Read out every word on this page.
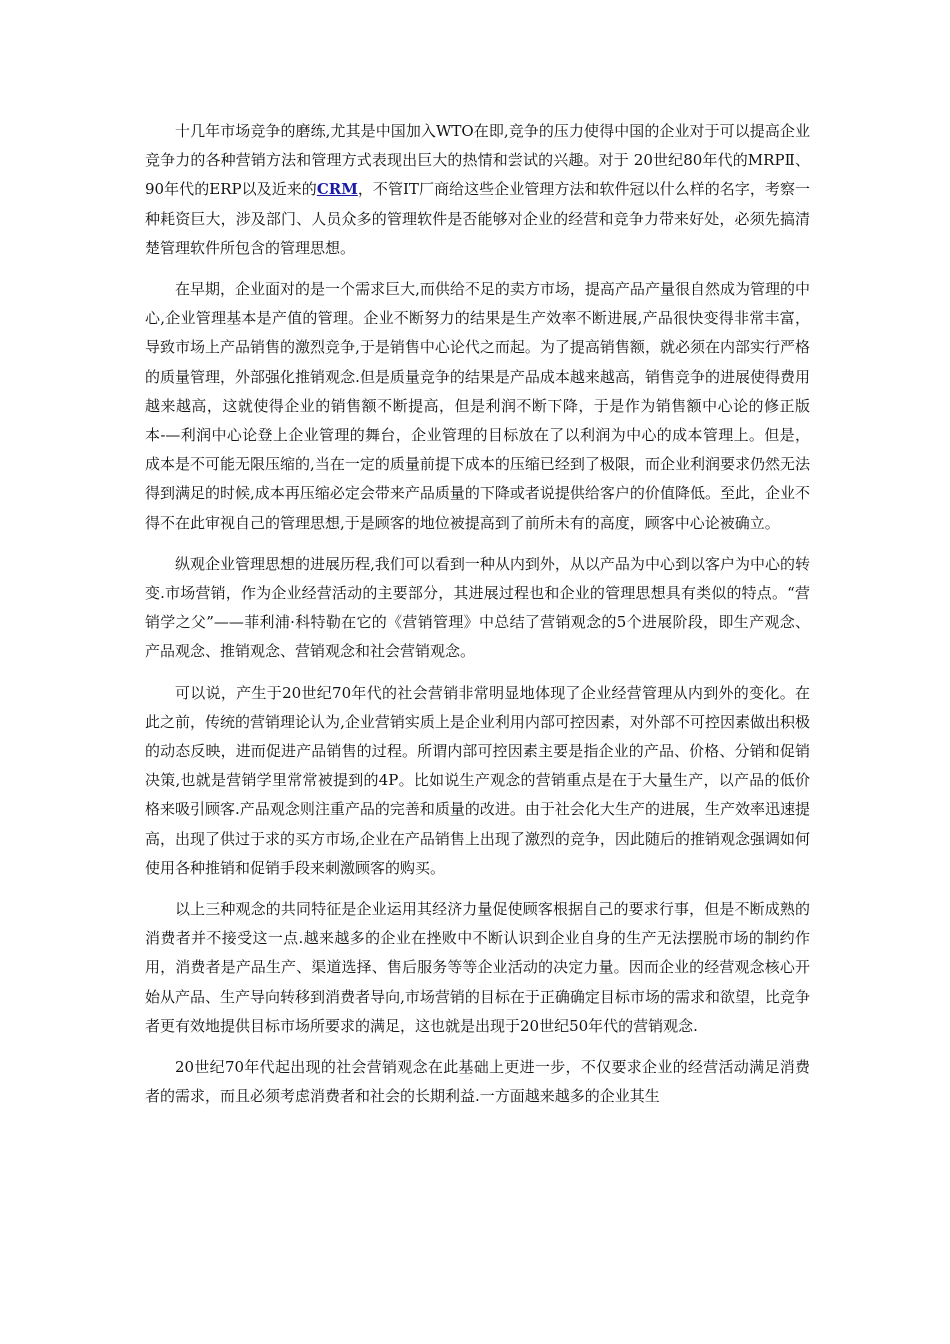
十几年市场竞争的磨练,尤其是中国加入WTO在即,竞争的压力使得中国的企业对于可以提高企业竞争力的各种营销方法和管理方式表现出巨大的热情和尝试的兴趣。对于 20世纪80年代的MRPⅡ、90年代的ERP以及近来的CRM，不管IT厂商给这些企业管理方法和软件冠以什么样的名字，考察一种耗资巨大，涉及部门、人员众多的管理软件是否能够对企业的经营和竞争力带来好处，必须先搞清楚管理软件所包含的管理思想。

在早期，企业面对的是一个需求巨大,而供给不足的卖方市场，提高产品产量很自然成为管理的中心,企业管理基本是产值的管理。企业不断努力的结果是生产效率不断进展,产品很快变得非常丰富，导致市场上产品销售的激烈竞争,于是销售中心论代之而起。为了提高销售额，就必须在内部实行严格的质量管理，外部强化推销观念.但是质量竞争的结果是产品成本越来越高，销售竞争的进展使得费用越来越高，这就使得企业的销售额不断提高，但是利润不断下降，于是作为销售额中心论的修正版本-—利润中心论登上企业管理的舞台，企业管理的目标放在了以利润为中心的成本管理上。但是，成本是不可能无限压缩的,当在一定的质量前提下成本的压缩已经到了极限，而企业利润要求仍然无法得到满足的时候,成本再压缩必定会带来产品质量的下降或者说提供给客户的价值降低。至此，企业不得不在此审视自己的管理思想,于是顾客的地位被提高到了前所未有的高度，顾客中心论被确立。

纵观企业管理思想的进展历程,我们可以看到一种从内到外，从以产品为中心到以客户为中心的转变.市场营销，作为企业经营活动的主要部分，其进展过程也和企业的管理思想具有类似的特点。“营销学之父”——菲利浦·科特勒在它的《营销管理》中总结了营销观念的5个进展阶段，即生产观念、产品观念、推销观念、营销观念和社会营销观念。

可以说，产生于20世纪70年代的社会营销非常明显地体现了企业经营管理从内到外的变化。在此之前，传统的营销理论认为,企业营销实质上是企业利用内部可控因素，对外部不可控因素做出积极的动态反映，进而促进产品销售的过程。所谓内部可控因素主要是指企业的产品、价格、分销和促销决策,也就是营销学里常常被提到的4P。比如说生产观念的营销重点是在于大量生产，以产品的低价格来吸引顾客.产品观念则注重产品的完善和质量的改进。由于社会化大生产的进展，生产效率迅速提高，出现了供过于求的买方市场,企业在产品销售上出现了激烈的竞争，因此随后的推销观念强调如何使用各种推销和促销手段来刺激顾客的购买。

以上三种观念的共同特征是企业运用其经济力量促使顾客根据自己的要求行事，但是不断成熟的消费者并不接受这一点.越来越多的企业在挫败中不断认识到企业自身的生产无法摆脱市场的制约作用，消费者是产品生产、渠道选择、售后服务等等企业活动的决定力量。因而企业的经营观念核心开始从产品、生产导向转移到消费者导向,市场营销的目标在于正确确定目标市场的需求和欲望，比竞争者更有效地提供目标市场所要求的满足，这也就是出现于20世纪50年代的营销观念.

20世纪70年代起出现的社会营销观念在此基础上更进一步，不仅要求企业的经营活动满足消费者的需求，而且必须考虑消费者和社会的长期利益.一方面越来越多的企业其生
